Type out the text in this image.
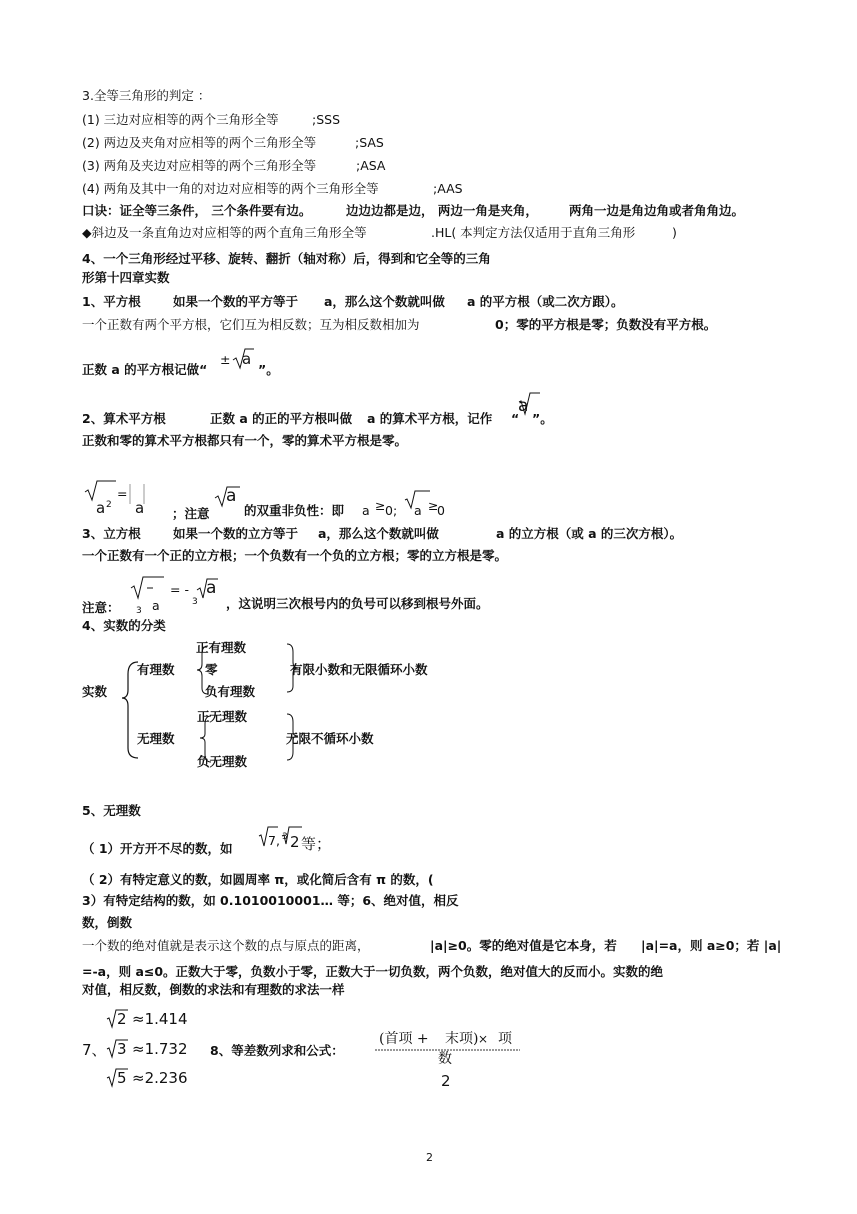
3.全等三角形的判定 ：
(1) 三边对应相等的两个三角形全等	;SSS
(2) 两边及夹角对应相等的两个三角形全等	;SAS
(3) 两角及夹边对应相等的两个三角形全等	;ASA
(4) 两角及其中一角的对边对应相等的两个三角形全等	;AAS
口诀：证全等三条件， 三个条件要有边。	边边边都是边， 两边一角是夹角， 两角一边是角边角或者角角边。
◆斜边及一条直角边对应相等的两个直角三角形全等	.HL( 本判定方法仅适用于直角三角形	)
4、一个三角形经过平移、旋转、翻折（轴对称）后，得到和它全等的三角
形第十四章实数
1、平方根	如果一个数的平方等于 a，那么这个数就叫做 a 的平方根（或二次方跟）。
一个正数有两个平方根，它们互为相反数；互为相反数相加为	0；零的平方根是零；负数没有平方根。
正数 a 的平方根记做“
± a
”。
2、算术平方根	正数 a 的正的平方根叫做 a 的算术平方根，记作 “
a
”。
正数和零的算术平方根都只有一个，零的算术平方根是零。
a 2
=
a ；注意
a
的双重非负性：即 a ≥ 0; a ≥
0
3、立方根	如果一个数的立方等于 a，那么这个数就叫做	a 的立方根（或 a 的三次方根）。
一个正数有一个正的立方根；一个负数有一个负的立方根；零的立方根是零。
注意： 3 a
= - a
3 ，这说明三次根号内的负号可以移到根号外面。
4、实数的分类
实数
有理数
无理数
正有理数
零
负有理数
正无理数
负无理数
有限小数和无限循环小数
无限不循环小数
5、无理数
（ 1）开方开不尽的数，如
7, 3 2 等；
（ 2）有特定意义的数，如圆周率 π，或化简后含有 π 的数，(
3）有特定结构的数，如 0.1010010001… 等；6、绝对值，相反
数，倒数
一个数的绝对值就是表示这个数的点与原点的距离，	|a|≥0。零的绝对值是它本身，若 |a|=a，则 a≥0；若 |a|
=-a，则 a≤0。正数大于零，负数小于零，正数大于一切负数，两个负数，绝对值大的反而小。实数的绝
对值，相反数，倒数的求法和有理数的求法一样
2 ≈1.414
7、 3 ≈1.732
5 ≈2.236
8、等差数列求和公式：
(首项 + 末项) × 项
数
2
2
